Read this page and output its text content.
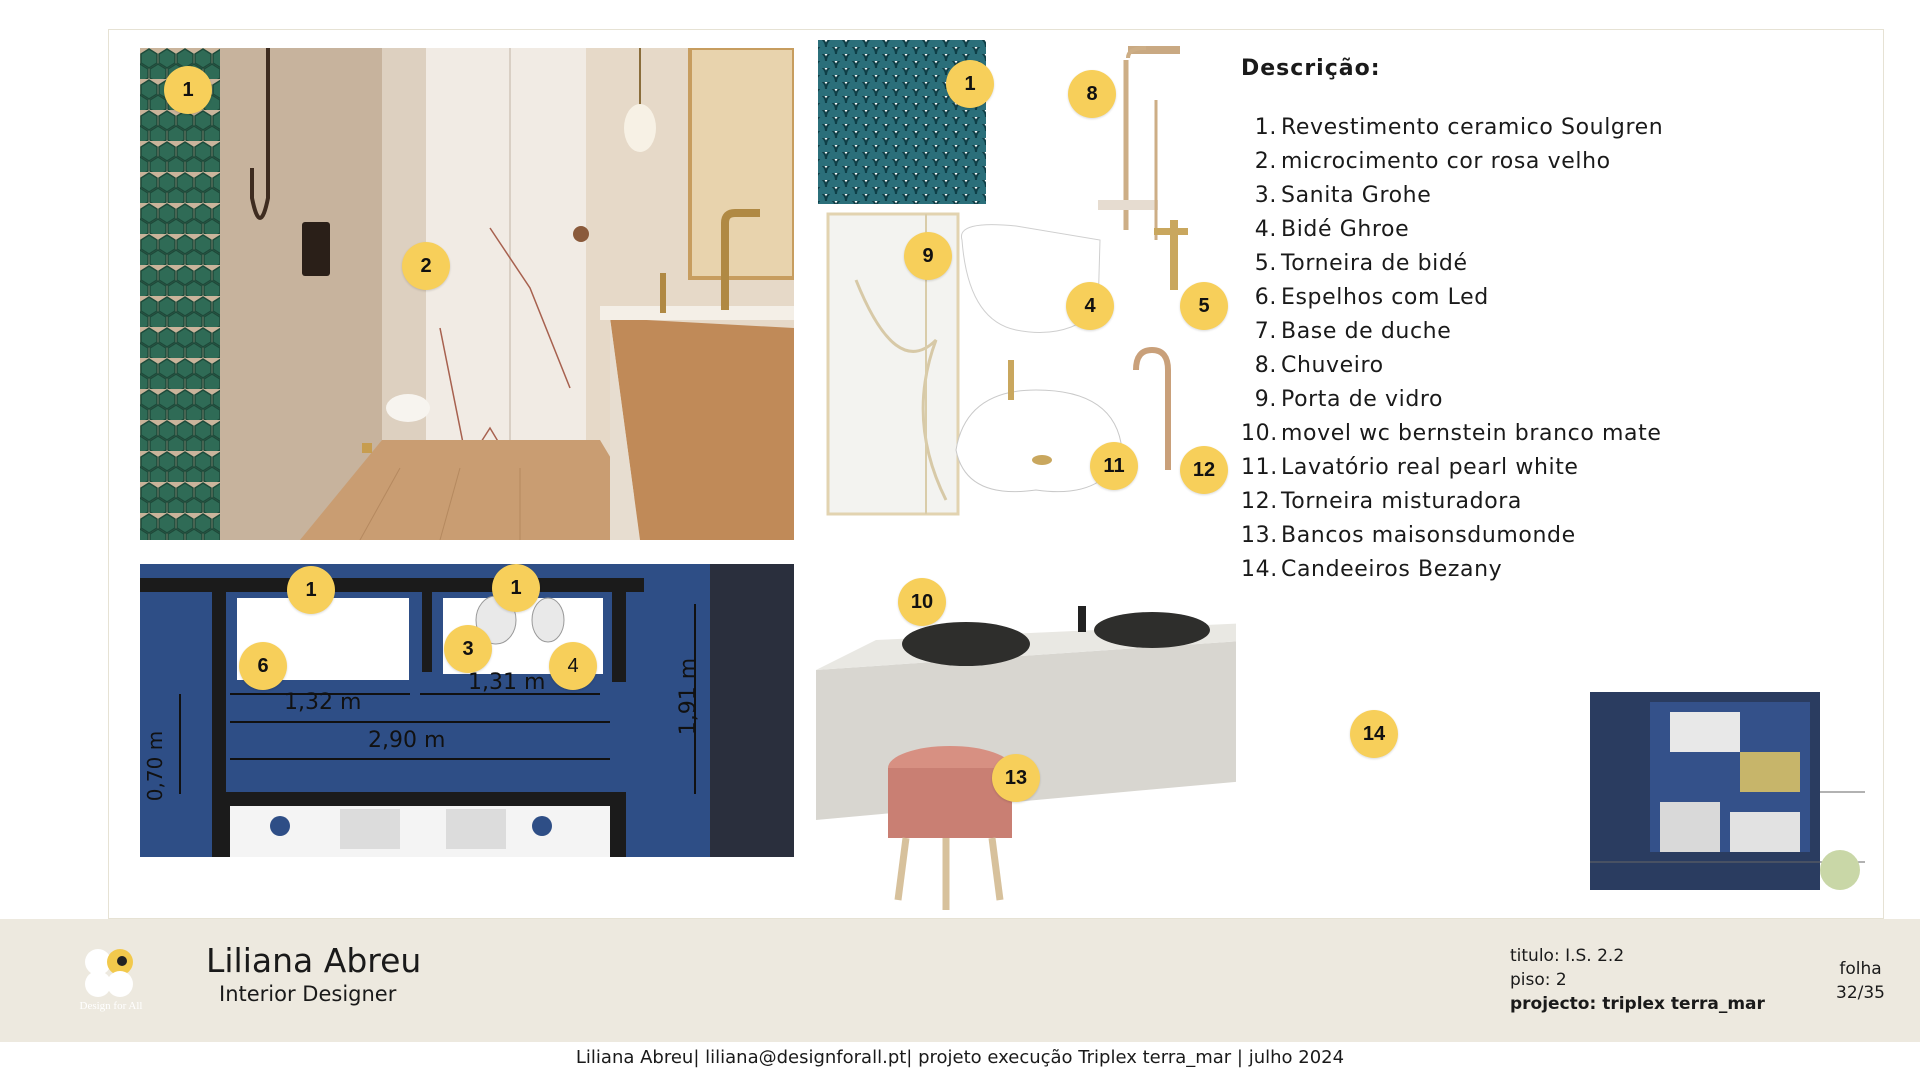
1
2
1,32 m
1,31 m
2,90 m
0,70 m
1,91 m
1	1
6
3
4
1	8
9
4	5
11	12
10
13
14
Descrição:
1. Revestimento ceramico Soulgren
2. microcimento cor rosa velho
3. Sanita Grohe
4. Bidé Ghroe
5. Torneira de bidé
6. Espelhos com Led
7. Base de duche
8. Chuveiro
9. Porta de vidro
10. movel wc bernstein branco mate
11. Lavatório real pearl white
12. Torneira misturadora
13. Bancos maisonsdumonde
14. Candeeiros Bezany
Design for All
Liliana Abreu
Interior Designer
titulo: I.S. 2.2
piso: 2
projecto: triplex terra_mar
folha
32/35
Liliana Abreu| liliana@designforall.pt| projeto execução Triplex terra_mar | julho 2024
